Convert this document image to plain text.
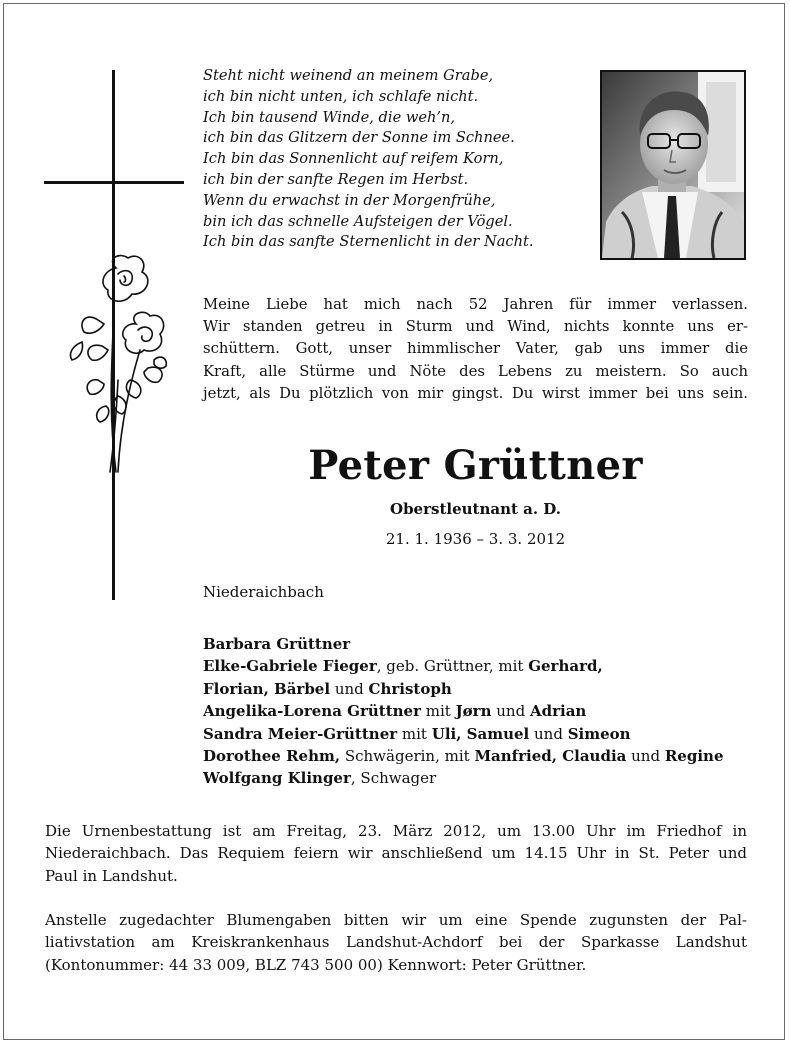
Steht nicht weinend an meinem Grabe,
ich bin nicht unten, ich schlafe nicht.
Ich bin tausend Winde, die weh’n,
ich bin das Glitzern der Sonne im Schnee.
Ich bin das Sonnenlicht auf reifem Korn,
ich bin der sanfte Regen im Herbst.
Wenn du erwachst in der Morgenfrühe,
bin ich das schnelle Aufsteigen der Vögel.
Ich bin das sanfte Sternenlicht in der Nacht.
Meine Liebe hat mich nach 52 Jahren für immer verlassen.
Wir standen getreu in Sturm und Wind, nichts konnte uns er-
schüttern. Gott, unser himmlischer Vater, gab uns immer die
Kraft, alle Stürme und Nöte des Lebens zu meistern. So auch
jetzt, als Du plötzlich von mir gingst. Du wirst immer bei uns sein.
Peter Grüttner
Oberstleutnant a. D.
21. 1. 1936 – 3. 3. 2012
Niederaichbach
Barbara Grüttner
Elke-Gabriele Fieger, geb. Grüttner, mit Gerhard,
Florian, Bärbel und Christoph
Angelika-Lorena Grüttner mit Jørn und Adrian
Sandra Meier-Grüttner mit Uli, Samuel und Simeon
Dorothee Rehm, Schwägerin, mit Manfried, Claudia und Regine
Wolfgang Klinger, Schwager
Die Urnenbestattung ist am Freitag, 23. März 2012, um 13.00 Uhr im Friedhof in
Niederaichbach. Das Requiem feiern wir anschließend um 14.15 Uhr in St. Peter und
Paul in Landshut.
Anstelle zugedachter Blumengaben bitten wir um eine Spende zugunsten der Pal-
liativstation am Kreiskrankenhaus Landshut-Achdorf bei der Sparkasse Landshut
(Kontonummer: 44 33 009, BLZ 743 500 00) Kennwort: Peter Grüttner.
